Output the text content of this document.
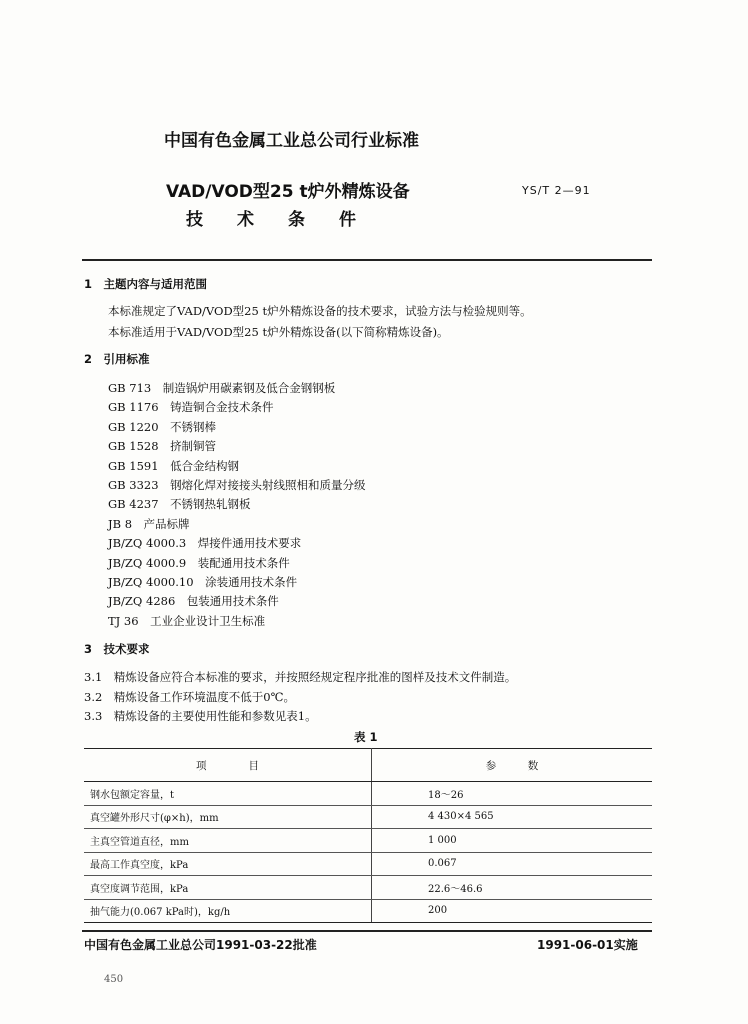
中国有色金属工业总公司行业标准
VAD/VOD型25 t炉外精炼设备
技　　术　　条　　件
YS/T 2—91
1　主题内容与适用范围
本标准规定了VAD/VOD型25 t炉外精炼设备的技术要求，试验方法与检验规则等。
本标准适用于VAD/VOD型25 t炉外精炼设备(以下简称精炼设备)。
2　引用标准
GB 713　 制造锅炉用碳素钢及低合金钢钢板
GB 1176　 铸造铜合金技术条件
GB 1220　 不锈钢棒
GB 1528　 挤制铜管
GB 1591　 低合金结构钢
GB 3323　 钢熔化焊对接接头射线照相和质量分级
GB 4237　 不锈钢热轧钢板
JB 8　 产品标牌
JB/ZQ 4000.3　 焊接件通用技术要求
JB/ZQ 4000.9　 装配通用技术条件
JB/ZQ 4000.10　 涂装通用技术条件
JB/ZQ 4286　 包装通用技术条件
TJ 36　 工业企业设计卫生标准
3　技术要求
3.1　 精炼设备应符合本标准的要求，并按照经规定程序批准的图样及技术文件制造。
3.2　 精炼设备工作环境温度不低于0℃。
3.3　 精炼设备的主要使用性能和参数见表1。
表 1
项　　　　目	参　　　数
钢水包额定容量，t	18～26
真空罐外形尺寸(φ×h)，mm	4 430×4 565
主真空管道直径，mm	1 000
最高工作真空度，kPa	0.067
真空度调节范围，kPa	22.6～46.6
抽气能力(0.067 kPa时)，kg/h	200
中国有色金属工业总公司1991-03-22批准	1991-06-01实施
450
